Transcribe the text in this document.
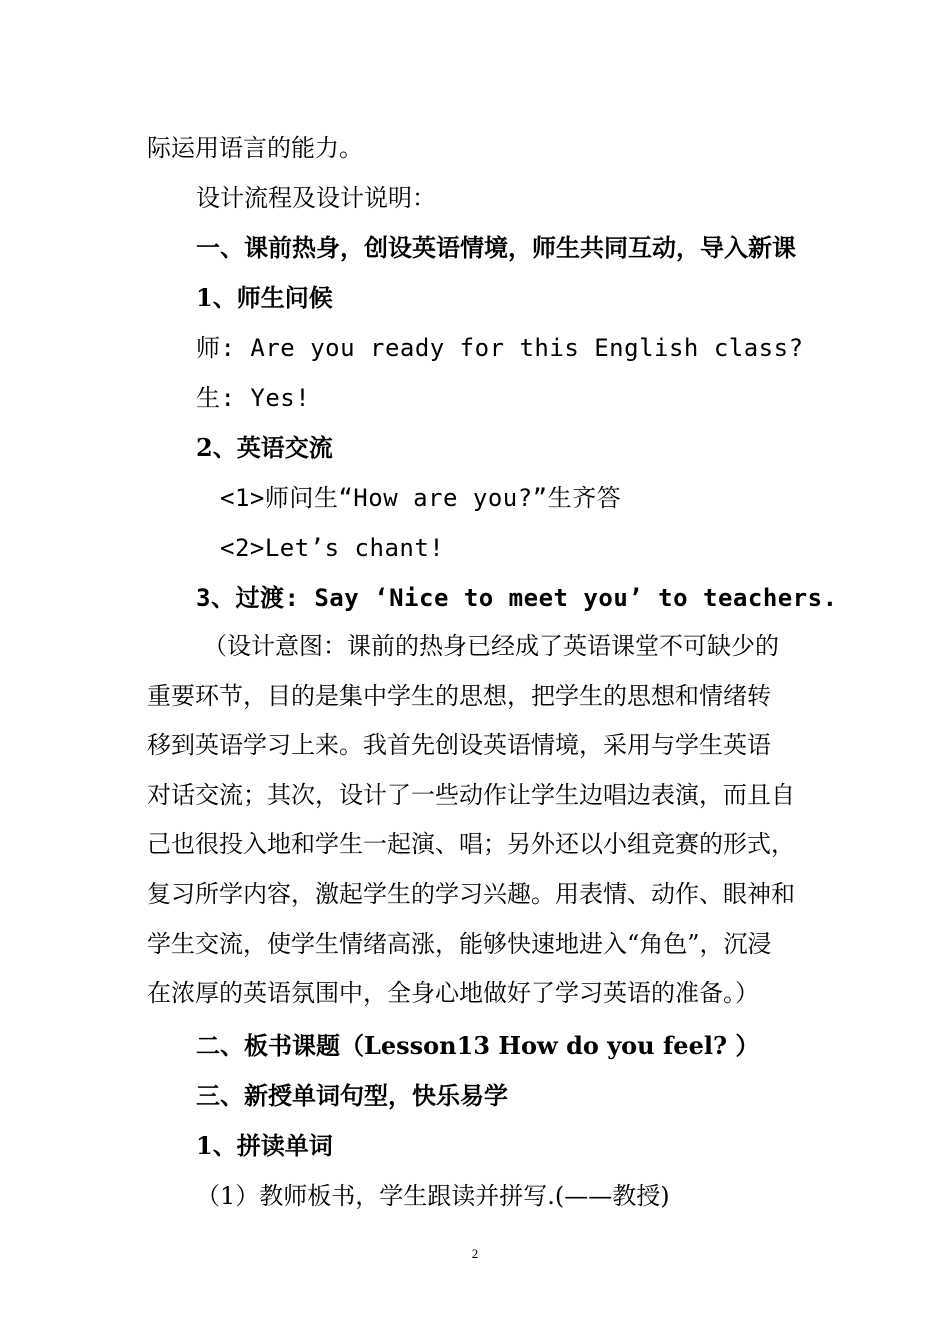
际运用语言的能力。
设计流程及设计说明：
一、课前热身，创设英语情境，师生共同互动，导入新课
1、师生问候
师: Are you ready for this English class?
生: Yes!
2、英语交流
<1>师问生“How are you?”生齐答
<2>Let’s chant!
3、过渡: Say ‘Nice to meet you’ to teachers.
（设计意图：课前的热身已经成了英语课堂不可缺少的
重要环节，目的是集中学生的思想，把学生的思想和情绪转
移到英语学习上来。我首先创设英语情境，采用与学生英语
对话交流；其次，设计了一些动作让学生边唱边表演，而且自
己也很投入地和学生一起演、唱；另外还以小组竞赛的形式，
复习所学内容，激起学生的学习兴趣。用表情、动作、眼神和
学生交流，使学生情绪高涨，能够快速地进入“角色”，沉浸
在浓厚的英语氛围中，全身心地做好了学习英语的准备。）
二、板书课题（Lesson13 How do you feel? ）
三、新授单词句型，快乐易学
1、拼读单词
（1）教师板书，学生跟读并拼写.(——教授)
2
